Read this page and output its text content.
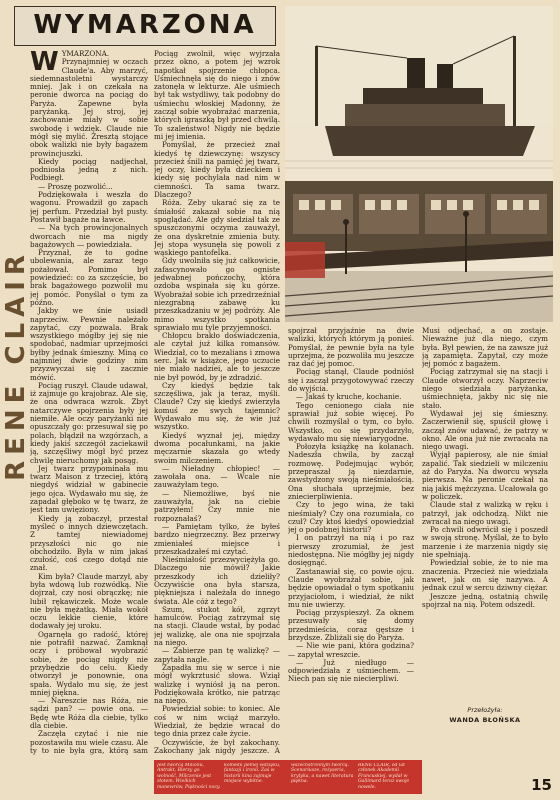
WYMARZONA
RENE CLAIR
W YMARZONA. Przynajmniej w oczach Claude'a. Aby marzyć, siedemnastoletni wystarczy mniej. Jak i on czekała na peronie dworca na pociąg do Paryża. Zapewne była paryżanką. Jej stroj, jej zachowanie miały w sobie swobodę i wdzięk. Claude nie mógł się mylić. Zresztą stojące obok walizki nie były bagażem prowincjuszki.

Kiedy pociąg nadjechał, podniosła jedną z nich. Podbiegł.

— Proszę pozwolić...

Podziękowała i weszła do wagonu. Prowadził go zapach jej perfum. Przedział był pusty. Postawił bagaże na ławce.

— Na tych prowincjonalnych dworcach nie ma nigdy bagażowych — powiedziała.

Przyznał, że to godne ubolewania, ale zaraz tego pożałował. Pomimo był powiedzieć: co za szczęście, bo brak bagażowego pozwolił mu jej pomóc. Ponyślał o tym za późno.

Jakby we śnie usiadł naprzeciw. Pewnie należało zapytać, czy pozwala. Brak wszystkiego mógłby jej się nie spodobać, nadmiar uprzejmości byłby jednak śmieszny. Miną co najmniej dwie godziny nim przyzwyczai się i zacznie mówić.

Pociąg ruszył. Claude udawał, iż zajmuje go krajobraz. Ale się, że ona odwraca wzrok. Zbyt natarczywe spojrzenia były jej niemiłe. Ale oczy paryżanki nie opuszczały go: przesuwał się po polach, błądził na wzgórzach, a kiedy jakiś szczegół zaciekawił ją, szczęśliwy mógł być przez chwilę nieruchomy jak posąg.

Jej twarz przypominała mu twarz Maison z trzeciej, którą niegdyś widział w gabinecie jego ojca. Wydawało mu się, że zapadał głęboko w tę twarz, że jest tam uwięziony.

Kiedy ją zobaczył, przestał myśleć o innych dziewczętach. Z tamtej niewiadomej przyszłości nic go nie obchodziło. Była w nim jakaś czułość, coś czego dotąd nie znał.

Kim była? Claude marzył, aby była wdową lub rozwódką. Nie dojrzał, czy nosi obrączkę; nie lubił rękawiczek. Może wcale nie była mężatką. Miała wokół oczu lekkie cienie, które dodawały jej uroku.

Ogarnęła go radość, której nie potrafił nazwać. Zamknął oczy i próbował wyobrazić sobie, że pociąg nigdy nie przybędzie do celu. Kiedy otworzył je ponownie, ona spała. Wydało mu się, że jest mniej piękna.

— Nareszcie nas Róża, nie sądzi pan? — powie ona. — Będę wte Róża dla ciebie, tylko dla ciebie.

Zaczęła czytać i nie nie pozostawiła mu wiele czasu. Ale ty to nie była gra, którą sam

Pociąg zwolnił, więc wyjrzała przez okno, a potem jej wzrok napotkał spojrzenie chłopca. Uśmiechnęła się do niego i znów zatonęła w lekturze. Ale uśmiech był tak wstydliwy, tak podobny do uśmiechu włoskiej Madonny, że zaczął sobie wyobrażać marzenia, których igraszką był przed chwilą. To szaleństwo! Nigdy nie będzie mi jej imienia.

Pomyślał, że przecież znał kiedyś tę dziewczynę: wszyscy przecież śnili na pamięć jej twarz, jej oczy, kiedy była dzieckiem i kiedy się pochylała nad nim w ciemności. Ta sama twarz. Dlaczego?

Róża. Zeby ukarać się za te śmiałość zakazał sobie na nią spoglądać. Ale gdy siedział tak ze spuszczonymi oczyma zauważył, że ona dyskretnie zmienia buty. Jej stopa wysunęła się powoli z wąskiego pantofelka.

Gdy uwolniła się już całkowicie, zafascynowało go ogniste jedwabnej pończochy, która ozdoba wspinała się ku górze. Wyobrażał sobie ich przedrzeźniał niezgrabną zabawę ku przeszkadzaniu w jej podróży. Ale mimo wszystko spotkania sprawiało mu tyle przyjemności.

Chłopcu brakło doświadczenia, ale czytał już kilka romansów. Wiedział, co to mezalians i zmowa serc. Jak w książce, jego uczucie nie miało nadziei, ale to jeszcze nie był powód, by je zdradzić.

Czy kiedyś będzie tak szczęśliwa, jak ja teraz, myśli. Claude? Czy się kiedyś zwierzyła komuś ze swych tajemnic? Wydawało mu się, że wie już wszystko.

Kiedyś wyznał jej, między dwoma pocałunkami, na jakie męczarnie skazała go wtedy swoim milczeniem.

— Nieładny chłopiec! — zawołała ona. — Wcale nie zauważyłam tego.

— Niemożliwe, byś nie zauważyła, jak na ciebie patrzyłem! Czy mnie nie rozpoznałaś?

— Pamiętam tylko, że byłeś bardzo niegrzeczny. Bez przerwy zmieniałeś miejsce i przeszkadzałeś mi czytać.

Nieśmiałość przezwyciężyła go. Dlaczego nie mówił? Jakie przeszkody ich dzieliły? Oczywiście ona była starsza, piękniejsza i należała do innego świata. Ale cóż z tego?

Szum, stukot kół, zgrzyt hamulców. Pociąg zatrzymał się na stacji. Claude wstał, by podać jej walizkę, ale ona nie spojrzała na niego.

— Zabierze pan tę walizkę? — zapytała nagle.

Zapadła mu się w serce i nie mógł wykrztusić słowa. Wziął walizkę i wyniósł ją na peron. Podziękowała krótko, nie patrząc na niego.

Powiedział sobie: to koniec. Ale coś w nim wciąż marzyło. Wiedział, że będzie wracał do tego dnia przez całe życie.

Oczywiście, że był zakochany. Zakochany jak nigdy jeszcze. A

spojrzał przyjaźnie na dwie walizki, których którym ją ponieś. Pomyślał, że pewnie była na tyle uprzejma, że pozwoliła mu jeszcze raz dać jej pomoc.

Pociąg stanął, Claude podniósł się i zaczął przygotowywać rzeczy do wyjścia.

— Jakaś ty kruche, kochanie.

Tego cenionego ciała nie sprawiał już sobie więcej. Po chwili rozmyślał o tym, co było. Wszystko, co się przydarzyło, wydawało mu się niewiarygodne.

Połozyła książkę na kolanach. Nadeszła chwila, by zaczął rozmowę. Podejmując wybór, przepraszał ją niezdarnie, zawstydzony swoją nieśmiałością. Ona słuchała uprzejmie, bez zniecierpliwienia.

Czy to jego wina, że taki nieśmiały? Czy ona rozumiała, co czuł? Czy ktoś kiedyś opowiedział jej o podobnej historii?

I on patrzył na nią i po raz pierwszy zrozumiał, że jest niedostępna. Nie mógłby jej nigdy dosięgnąć.

Zastanawiał się, co powie ojcu. Claude wyobrażał sobie, jak będzie opowiadał o tym spotkaniu przyjaciołom, i wiedział, że nikt mu nie uwierzy.

Pociąg przyspieszył. Za oknem przesuwały się domy przedmieścia, coraz gęstsze i brzydsze. Zbliżali się do Paryża.

— Nie wie pani, która godzina? — zapytał wreszcie.

— Już niedługo — odpowiedziała z uśmiechem. — Niech pan się nie niecierpliwi.

Musi odjechać, a on zostaje. Nieważne już dla niego, czym była. Był pewien, że na zawsze już ją zapamięta. Zapytał, czy może jej pomóc z bagażem.

Pociąg zatrzymał się na stacji i Claude otworzył oczy. Naprzeciw niego siedziała paryżanka, uśmiechnięta, jakby nic się nie stało.

Wydawał jej się śmieszny. Zaczerwienił się, spuścił głowę i zaczął znów udawać, że patrzy w okno. Ale ona już nie zwracała na niego uwagi.

Wyjął papierosy, ale nie śmiał zapalić. Tak siedzieli w milczeniu aż do Paryża. Na dworcu wyszła pierwsza. Na peronie czekał na nią jakiś mężczyzna. Ucałowała go w policzek.

Claude stał z walizką w ręku i patrzył, jak odchodzą. Nikt nie zwracał na niego uwagi.

Po chwili odwrócił się i poszedł w swoją stronę. Myślał, że to było marzenie i że marzenia nigdy się nie spełniają.

Powiedział sobie, że to nie ma znaczenia. Przecież nie wiedziała nawet, jak on się nazywa. A jednak czuł w sercu dziwny ciężar.

Jeszcze jedną, ostatnią chwilę spojrzał na nią. Potem odszedł.

Przełożyła:
WANDA BŁOŃSKA
Jest twórcą Milionu, Antrakt, Bierzy go wolność, Milczenie jest złotem. Wielkich manewrów, Piękności nocy.
komedii pełnej wdzięku, fantazji i ironii. Zaś w historii kina zajmuje miejsce wybitne.
wszechstronnym twórcą. Scenariusze, reżyseria, krytyka, a nawet literatura piękna.
RENÉ CLAIR, od lat członek Akademii Francuskiej, wydał w Gallimard teraz swoje nowele.	15
